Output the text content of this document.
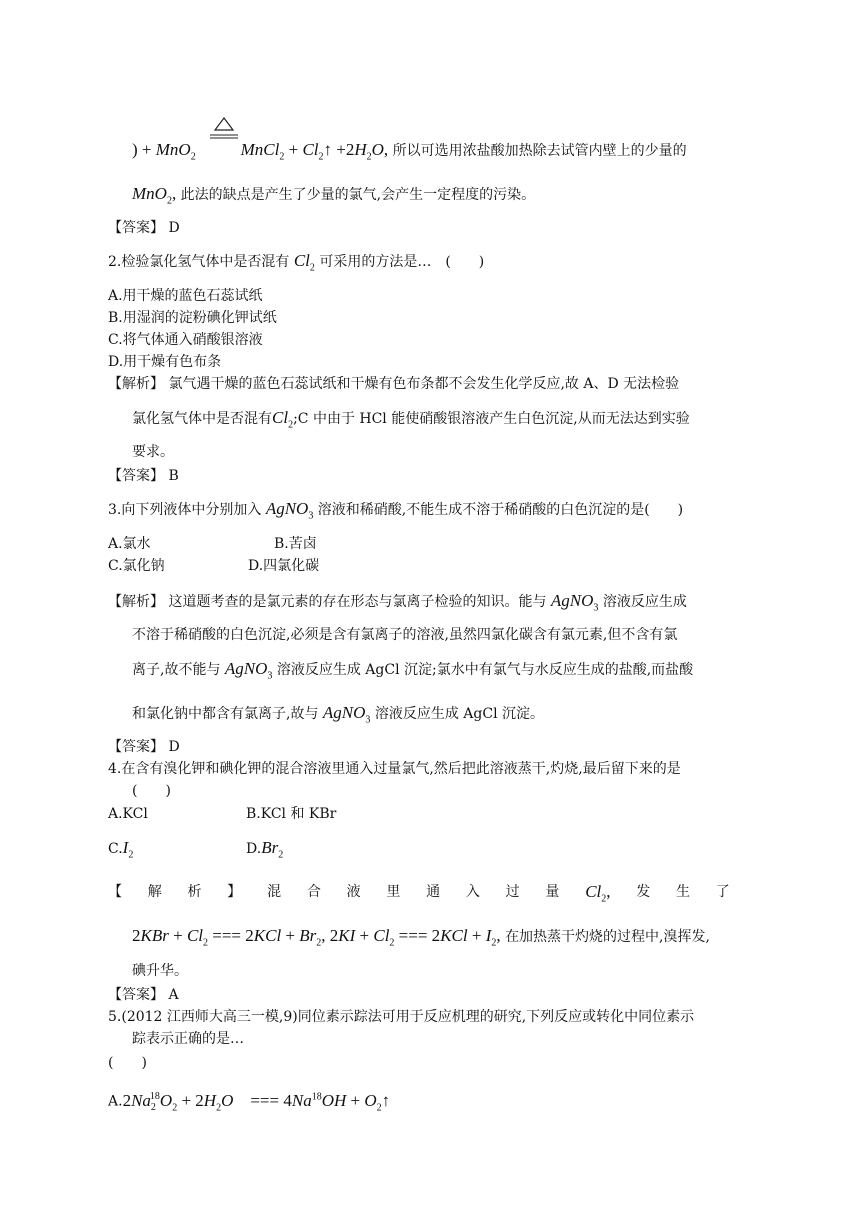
) + MnO$_2$	MnCl$_2$ + $Cl_2↑ +2H_2O$, 所以可选用浓盐酸加热除去试管内壁上的少量的
MnO$_2$, 此法的缺点是产生了少量的氯气,会产生一定程度的污染。
【答案】 D
2.检验氯化氢气体中是否混有 $Cl_2$ 可采用的方法是…　(　　)
A.用干燥的蓝色石蕊试纸
B.用湿润的淀粉碘化钾试纸
C.将气体通入硝酸银溶液
D.用干燥有色布条
【解析】 氯气遇干燥的蓝色石蕊试纸和干燥有色布条都不会发生化学反应,故 A、D 无法检验
氯化氢气体中是否混有$Cl_2;C$ 中由于 HCl 能使硝酸银溶液产生白色沉淀,从而无法达到实验
要求。
【答案】 B
3.向下列液体中分别加入 AgNO$_3$ 溶液和稀硝酸,不能生成不溶于稀硝酸的白色沉淀的是(　　)
A.氯水	B.苦卤
C.氯化钠	D.四氯化碳
【解析】 这道题考查的是氯元素的存在形态与氯离子检验的知识。能与 AgNO$_3$ 溶液反应生成
不溶于稀硝酸的白色沉淀,必须是含有氯离子的溶液,虽然四氯化碳含有氯元素,但不含有氯
离子,故不能与 AgNO$_3$ 溶液反应生成 AgCl 沉淀;氯水中有氯气与水反应生成的盐酸,而盐酸
和氯化钠中都含有氯离子,故与 AgNO$_3$ 溶液反应生成 AgCl 沉淀。
【答案】 D
4.在含有溴化钾和碘化钾的混合溶液里通入过量氯气,然后把此溶液蒸干,灼烧,最后留下来的是
(　　)
A.KCl	B.KCl 和 KBr
$C.I_2$	$D.Br_2$
【 解 析 】 混 合 液 里 通 入 过 量 $Cl_2$, 发 生 了
$2KBr + Cl_2$ === $2KCl + Br_2$, $2KI + Cl_2$ === $2KCl + I_2$, 在加热蒸干灼烧的过程中,溴挥发,
碘升华。
【答案】 A
5.(2012 江西师大高三一模,9)同位素示踪法可用于反应机理的研究,下列反应或转化中同位素示
踪表示正确的是…
(　　)
$A.2Na_2^{18}O_2 + 2H_2O$　=== $4Na^{18}OH$ + $O_2↑$
